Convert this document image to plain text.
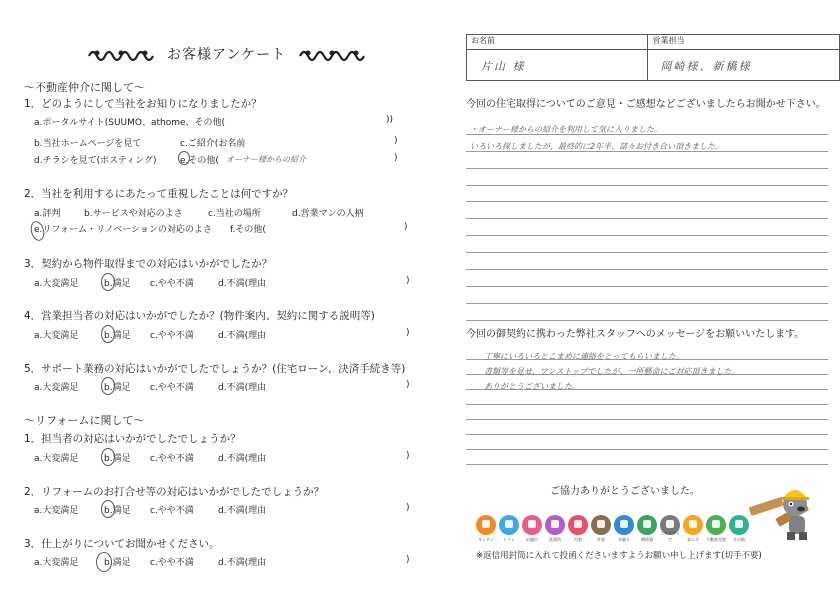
お客様アンケート
〜不動産仲介に関して〜
1．どのようにして当社をお知りになりましたか？
a.ポータルサイト(SUUMO、athome、その他(	))
b.当社ホームページを見て	c.ご紹介(お名前	)
d.チラシを見て(ポスティング)	e.その他( オーナー様からの紹介	)
2．当社を利用するにあたって重視したことは何ですか？
a.評判	b.サービスや対応のよさ	c.当社の場所	d.営業マンの人柄
e.リフォーム・リノベーションの対応のよさ f.その他(	)
3．契約から物件取得までの対応はいかがでしたか？
a.大変満足	b.満足 c.やや不満	d.不満(理由	)
4．営業担当者の対応はいかがでしたか？(物件案内、契約に関する説明等)
a.大変満足	b.満足 c.やや不満	d.不満(理由	)
5．サポート業務の対応はいかがでしたでしょうか？(住宅ローン、決済手続き等)
a.大変満足	b.満足 c.やや不満	d.不満(理由	)
〜リフォームに関して〜
1．担当者の対応はいかがでしたでしょうか？
a.大変満足	b.満足 c.やや不満	d.不満(理由	)
2．リフォームのお打合せ等の対応はいかがでしたでしょうか？
a.大変満足	b.満足 c.やや不満	d.不満(理由	)
3．仕上がりについてお聞かせください。
a.大変満足	b.満足 c.やや不満	d.不満(理由	)
お名前	営業担当

片山 様	岡崎様、新橋様
今回の住宅取得についてのご意見・ご感想などございましたらお聞かせ下さい。
・オーナー様からの紹介を利用して気に入りました。
いろいろ探しましたが、最終的に2年半、諸々お付き合い頂きました。
今回の御契約に携わった弊社スタッフへのメッセージをお願いいたします。
丁寧にいろいろとこまめに連絡をとってもらいました。
書類等を見せ、ワンストップでしたが、一所懸命にご対応頂きました。
ありがとうございました。
ご協力ありがとうございました。
キッチン	トイレ	お風呂	洗面所	内装	外装	水廻り	増改築
エクステリア	省エネ	不動産売買	その他
※返信用封筒に入れて投函くださいますようお願い申し上げます(切手不要)
